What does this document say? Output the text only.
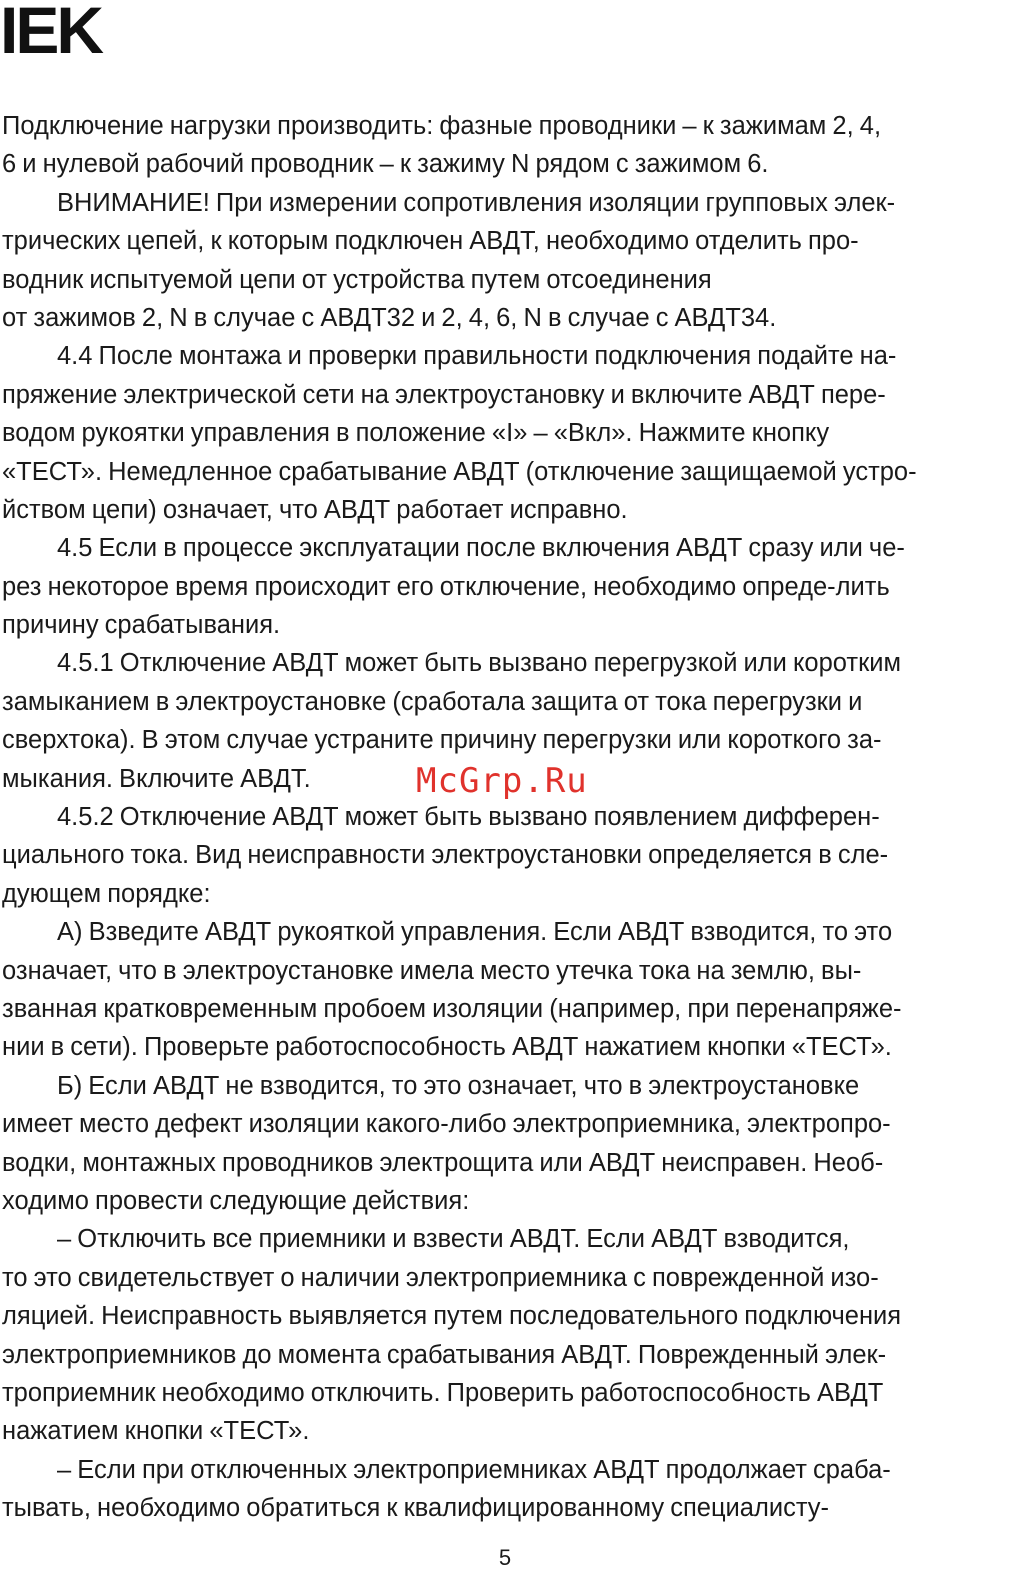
IEK
Подключение нагрузки производить: фазные проводники – к зажимам 2, 4,
6 и нулевой рабочий проводник – к зажиму N рядом с зажимом 6.
ВНИМАНИЕ! При измерении сопротивления изоляции групповых элек-
трических цепей, к которым подключен АВДТ, необходимо отделить про-
водник испытуемой цепи от устройства путем отсоединения
от зажимов 2, N в случае с АВДТ32 и 2, 4, 6, N в случае с АВДТ34.
4.4 После монтажа и проверки правильности подключения подайте на-
пряжение электрической сети на электроустановку и включите АВДТ пере-
водом рукоятки управления в положение «I» – «Вкл». Нажмите кнопку
«ТЕСТ». Немедленное срабатывание АВДТ (отключение защищаемой устро-
йством цепи) означает, что АВДТ работает исправно.
4.5 Если в процессе эксплуатации после включения АВДТ сразу или че-
рез некоторое время происходит его отключение, необходимо опреде-лить
причину срабатывания.
4.5.1 Отключение АВДТ может быть вызвано перегрузкой или коротким
замыканием в электроустановке (сработала защита от тока перегрузки и
сверхтока). В этом случае устраните причину перегрузки или короткого за-
мыкания. Включите АВДТ.
4.5.2 Отключение АВДТ может быть вызвано появлением дифферен-
циального тока. Вид неисправности электроустановки определяется в сле-
дующем порядке:
А) Взведите АВДТ рукояткой управления. Если АВДТ взводится, то это
означает, что в электроустановке имела место утечка тока на землю, вы-
званная кратковременным пробоем изоляции (например, при перенапряже-
нии в сети). Проверьте работоспособность АВДТ нажатием кнопки «ТЕСТ».
Б) Если АВДТ не взводится, то это означает, что в электроустановке
имеет место дефект изоляции какого-либо электроприемника, электропро-
водки, монтажных проводников электрощита или АВДТ неисправен. Необ-
ходимо провести следующие действия:
– Отключить все приемники и взвести АВДТ. Если АВДТ взводится,
то это свидетельствует о наличии электроприемника с поврежденной изо-
ляцией. Неисправность выявляется путем последовательного подключения
электроприемников до момента срабатывания АВДТ. Поврежденный элек-
троприемник необходимо отключить. Проверить работоспособность АВДТ
нажатием кнопки «ТЕСТ».
– Если при отключенных электроприемниках АВДТ продолжает сраба-
тывать, необходимо обратиться к квалифицированному специалисту-
McGrp.Ru
5
